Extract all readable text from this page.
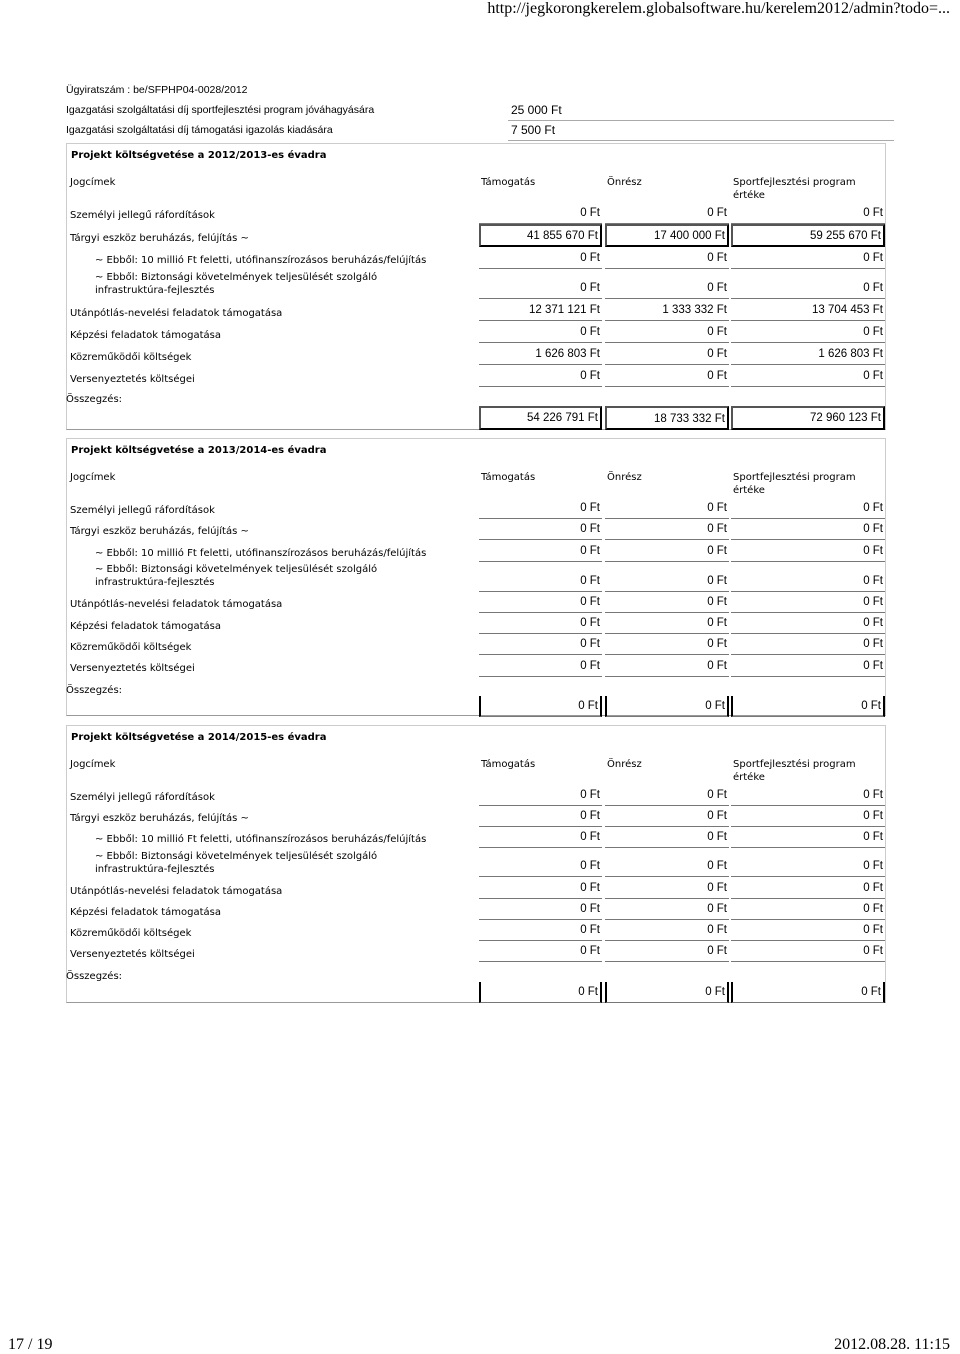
http://jegkorongkerelem.globalsoftware.hu/kerelem2012/admin?todo=...
Ügyiratszám : be/SFPHP04-0028/2012
Igazgatási szolgáltatási díj sportfejlesztési program jóváhagyására
Igazgatási szolgáltatási díj támogatási igazolás kiadására
25 000 Ft
7 500 Ft
Projekt költségvetése a 2012/2013-es évadra
Jogcímek	Támogatás	Önrész	Sportfejlesztési program értéke
Személyi jellegű ráfordítások	0 Ft	0 Ft	0 Ft
Tárgyi eszköz beruházás, felújítás ~	41 855 670 Ft	17 400 000 Ft	59 255 670 Ft
~ Ebből: 10 millió Ft feletti, utófinanszírozásos beruházás/felújítás	0 Ft	0 Ft	0 Ft
~ Ebből: Biztonsági követelmények teljesülését szolgáló infrastruktúra-fejlesztés	0 Ft	0 Ft	0 Ft
Utánpótlás-nevelési feladatok támogatása	12 371 121 Ft	1 333 332 Ft	13 704 453 Ft
Képzési feladatok támogatása	0 Ft	0 Ft	0 Ft
Közreműködői költségek	1 626 803 Ft	0 Ft	1 626 803 Ft
Versenyeztetés költségei	0 Ft	0 Ft	0 Ft
Összegzés:
54 226 791 Ft	18 733 332 Ft	72 960 123 Ft
Projekt költségvetése a 2013/2014-es évadra
Jogcímek	Támogatás	Önrész	Sportfejlesztési program értéke
Személyi jellegű ráfordítások	0 Ft	0 Ft	0 Ft
Tárgyi eszköz beruházás, felújítás ~	0 Ft	0 Ft	0 Ft
~ Ebből: 10 millió Ft feletti, utófinanszírozásos beruházás/felújítás	0 Ft	0 Ft	0 Ft
~ Ebből: Biztonsági követelmények teljesülését szolgáló infrastruktúra-fejlesztés	0 Ft	0 Ft	0 Ft
Utánpótlás-nevelési feladatok támogatása	0 Ft	0 Ft	0 Ft
Képzési feladatok támogatása	0 Ft	0 Ft	0 Ft
Közreműködői költségek	0 Ft	0 Ft	0 Ft
Versenyeztetés költségei	0 Ft	0 Ft	0 Ft
Összegzés:
0 Ft	0 Ft	0 Ft
Projekt költségvetése a 2014/2015-es évadra
Jogcímek	Támogatás	Önrész	Sportfejlesztési program értéke
Személyi jellegű ráfordítások	0 Ft	0 Ft	0 Ft
Tárgyi eszköz beruházás, felújítás ~	0 Ft	0 Ft	0 Ft
~ Ebből: 10 millió Ft feletti, utófinanszírozásos beruházás/felújítás	0 Ft	0 Ft	0 Ft
~ Ebből: Biztonsági követelmények teljesülését szolgáló infrastruktúra-fejlesztés	0 Ft	0 Ft	0 Ft
Utánpótlás-nevelési feladatok támogatása	0 Ft	0 Ft	0 Ft
Képzési feladatok támogatása	0 Ft	0 Ft	0 Ft
Közreműködői költségek	0 Ft	0 Ft	0 Ft
Versenyeztetés költségei	0 Ft	0 Ft	0 Ft
Összegzés:
0 Ft	0 Ft	0 Ft
17 / 19	2012.08.28. 11:15
